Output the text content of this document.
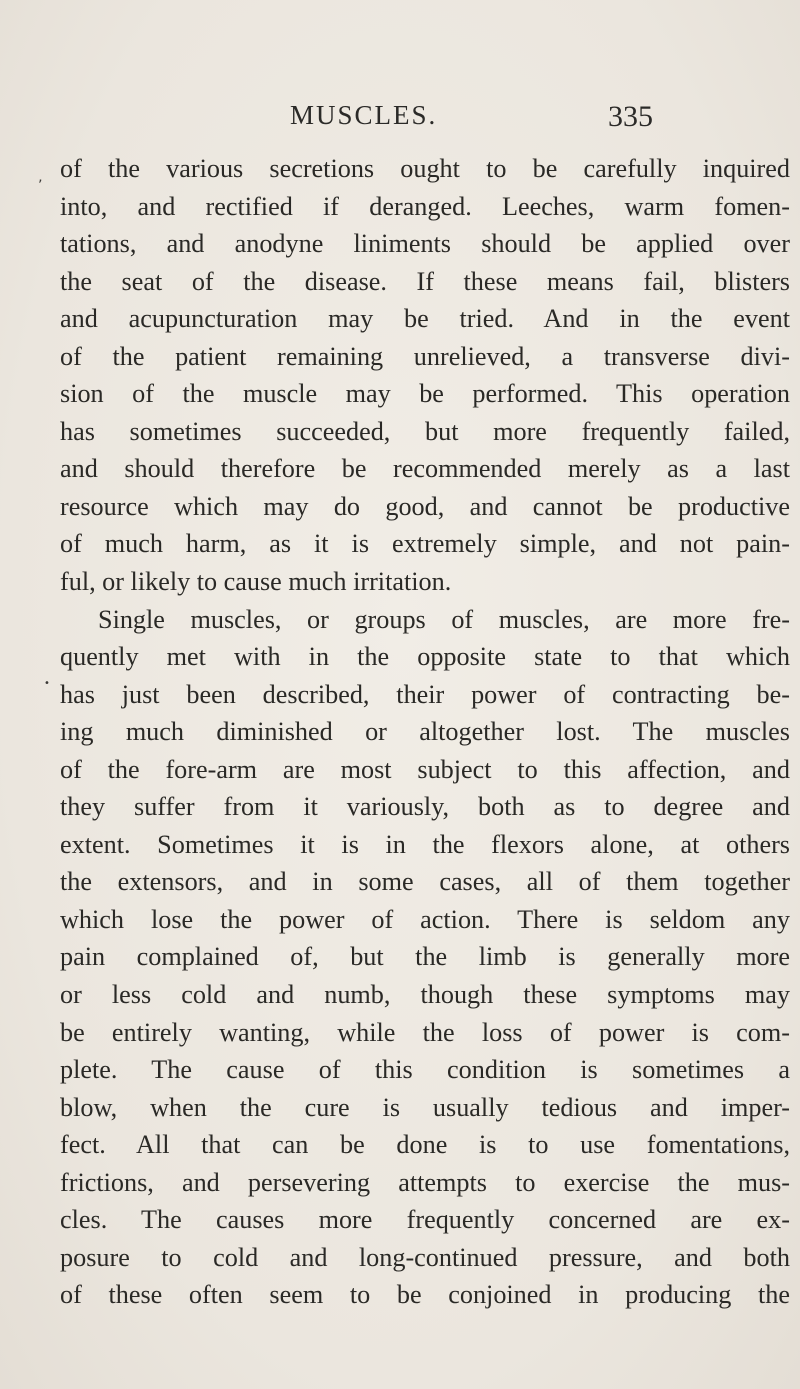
MUSCLES.	335
’
•
of the various secretions ought to be carefully inquired
into, and rectified if deranged. Leeches, warm fomen-
tations, and anodyne liniments should be applied over
the seat of the disease. If these means fail, blisters
and acupuncturation may be tried. And in the event
of the patient remaining unrelieved, a transverse divi-
sion of the muscle may be performed. This operation
has sometimes succeeded, but more frequently failed,
and should therefore be recommended merely as a last
resource which may do good, and cannot be productive
of much harm, as it is extremely simple, and not pain-
ful, or likely to cause much irritation.
Single muscles, or groups of muscles, are more fre-
quently met with in the opposite state to that which
has just been described, their power of contracting be-
ing much diminished or altogether lost. The muscles
of the fore-arm are most subject to this affection, and
they suffer from it variously, both as to degree and
extent. Sometimes it is in the flexors alone, at others
the extensors, and in some cases, all of them together
which lose the power of action. There is seldom any
pain complained of, but the limb is generally more
or less cold and numb, though these symptoms may
be entirely wanting, while the loss of power is com-
plete. The cause of this condition is sometimes a
blow, when the cure is usually tedious and imper-
fect. All that can be done is to use fomentations,
frictions, and persevering attempts to exercise the mus-
cles. The causes more frequently concerned are ex-
posure to cold and long-continued pressure, and both
of these often seem to be conjoined in producing the
